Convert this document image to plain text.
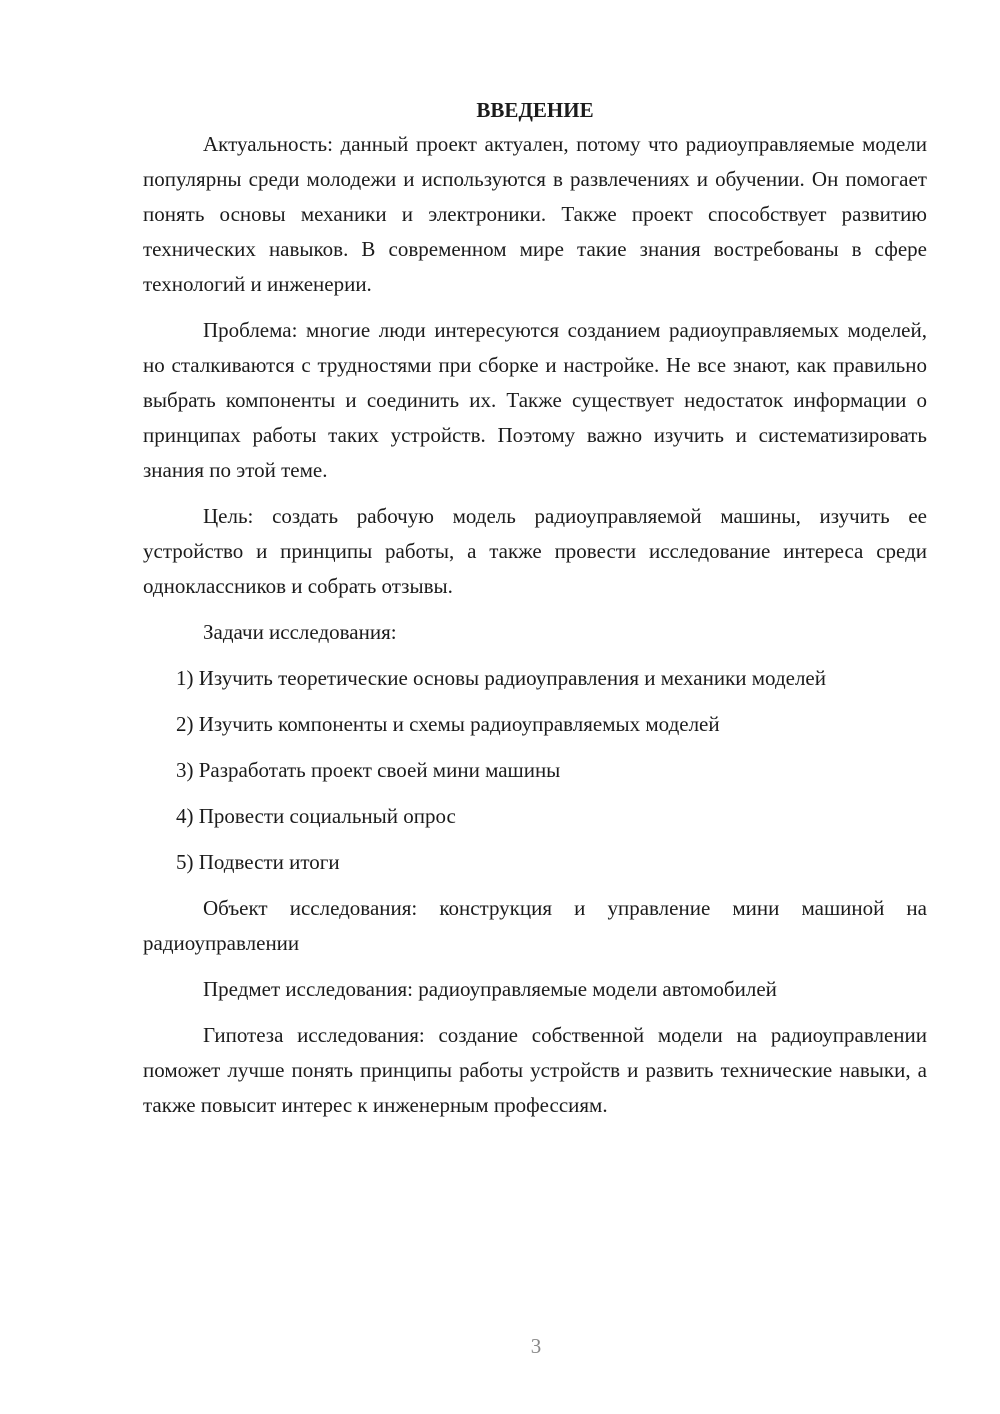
ВВЕДЕНИЕ

Актуальность: данный проект актуален, потому что радиоуправляемые модели популярны среди молодежи и используются в развлечениях и обучении. Он помогает понять основы механики и электроники. Также проект способствует развитию технических навыков. В современном мире такие знания востребованы в сфере технологий и инженерии.

Проблема: многие люди интересуются созданием радиоуправляемых моделей, но сталкиваются с трудностями при сборке и настройке. Не все знают, как правильно выбрать компоненты и соединить их. Также существует недостаток информации о принципах работы таких устройств. Поэтому важно изучить и систематизировать знания по этой теме.

Цель: создать рабочую модель радиоуправляемой машины, изучить ее устройство и принципы работы, а также провести исследование интереса среди одноклассников и собрать отзывы.

Задачи исследования:

1) Изучить теоретические основы радиоуправления и механики моделей

2) Изучить компоненты и схемы радиоуправляемых моделей

3) Разработать проект своей мини машины

4) Провести социальный опрос

5) Подвести итоги

Объект исследования: конструкция и управление мини машиной на радиоуправлении

Предмет исследования: радиоуправляемые модели автомобилей

Гипотеза исследования: создание собственной модели на радиоуправлении поможет лучше понять принципы работы устройств и развить технические навыки, а также повысит интерес к инженерным профессиям.

3
